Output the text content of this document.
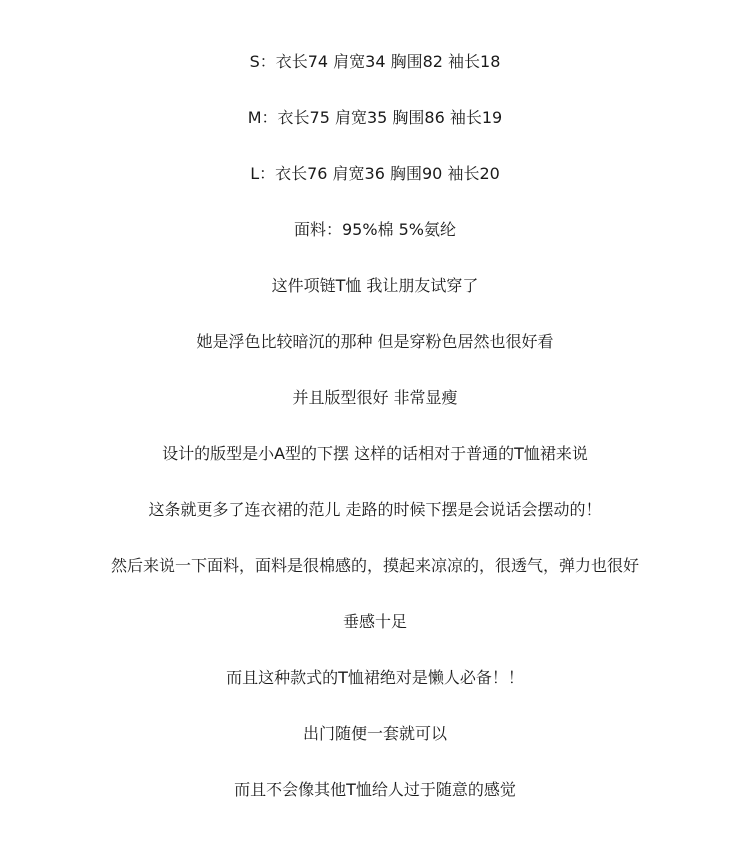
S：衣长74 肩宽34 胸围82 袖长18
M：衣长75 肩宽35 胸围86 袖长19
L：衣长76 肩宽36 胸围90 袖长20
面料：95%棉 5%氨纶
这件项链T恤 我让朋友试穿了
她是浮色比较暗沉的那种 但是穿粉色居然也很好看
并且版型很好 非常显瘦
设计的版型是小A型的下摆 这样的话相对于普通的T恤裙来说
这条就更多了连衣裙的范儿 走路的时候下摆是会说话会摆动的！
然后来说一下面料，面料是很棉感的，摸起来凉凉的，很透气，弹力也很好
垂感十足
而且这种款式的T恤裙绝对是懒人必备！！
出门随便一套就可以
而且不会像其他T恤给人过于随意的感觉
